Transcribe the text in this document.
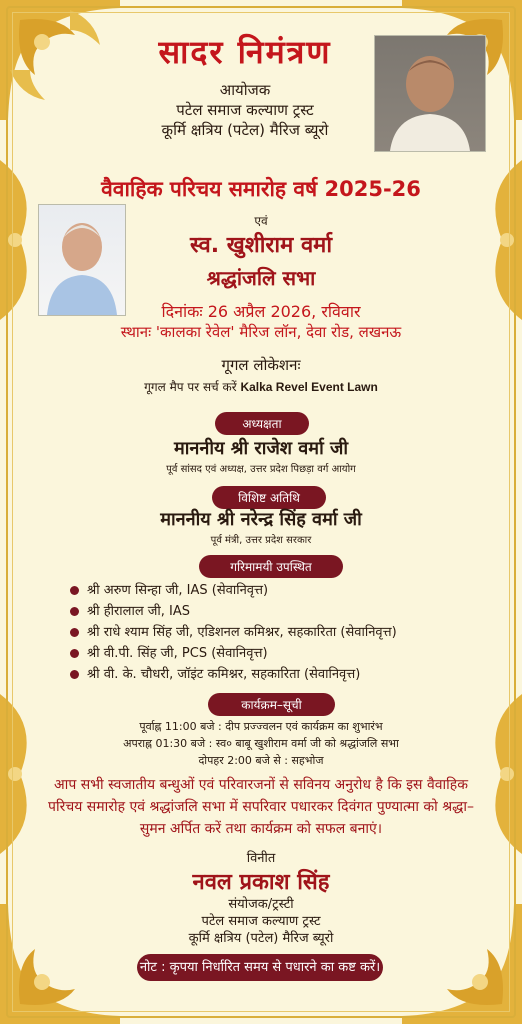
सादर निमंत्रण
आयोजक
पटेल समाज कल्याण ट्रस्ट
कूर्मि क्षत्रिय (पटेल) मैरिज ब्यूरो
वैवाहिक परिचय समारोह वर्ष 2025-26
एवं
स्व. खुशीराम वर्मा
श्रद्धांजलि सभा
दिनांकः 26 अप्रैल 2026, रविवार
स्थानः 'कालका रेवेल' मैरिज लॉन, देवा रोड, लखनऊ
गूगल लोकेशनः
गूगल मैप पर सर्च करें Kalka Revel Event Lawn
अध्यक्षता
माननीय श्री राजेश वर्मा जी
पूर्व सांसद एवं अध्यक्ष, उत्तर प्रदेश पिछड़ा वर्ग आयोग
विशिष्ट अतिथि
माननीय श्री नरेन्द्र सिंह वर्मा जी
पूर्व मंत्री, उत्तर प्रदेश सरकार
गरिमामयी उपस्थित
श्री अरुण सिन्हा जी, IAS (सेवानिवृत्त)
श्री हीरालाल जी, IAS
श्री राधे श्याम सिंह जी, एडिशनल कमिश्नर, सहकारिता (सेवानिवृत्त)
श्री वी.पी. सिंह जी, PCS (सेवानिवृत्त)
श्री वी. के. चौधरी, जॉइंट कमिश्नर, सहकारिता (सेवानिवृत्त)
कार्यक्रम–सूची
पूर्वाह्न 11:00 बजे : दीप प्रज्ज्वलन एवं कार्यक्रम का शुभारंभ
अपराह्न 01:30 बजे : स्व० बाबू खुशीराम वर्मा जी को श्रद्धांजलि सभा
दोपहर 2:00 बजे से : सहभोज
आप सभी स्वजातीय बन्धुओं एवं परिवारजनों से सविनय अनुरोध है कि इस वैवाहिक परिचय समारोह एवं श्रद्धांजलि सभा में सपरिवार पधारकर दिवंगत पुण्यात्मा को श्रद्धा–सुमन अर्पित करें तथा कार्यक्रम को सफल बनाएं।
विनीत
नवल प्रकाश सिंह
संयोजक/ट्रस्टी
पटेल समाज कल्याण ट्रस्ट
कूर्मि क्षत्रिय (पटेल) मैरिज ब्यूरो
नोट : कृपया निर्धारित समय से पधारने का कष्ट करें।
